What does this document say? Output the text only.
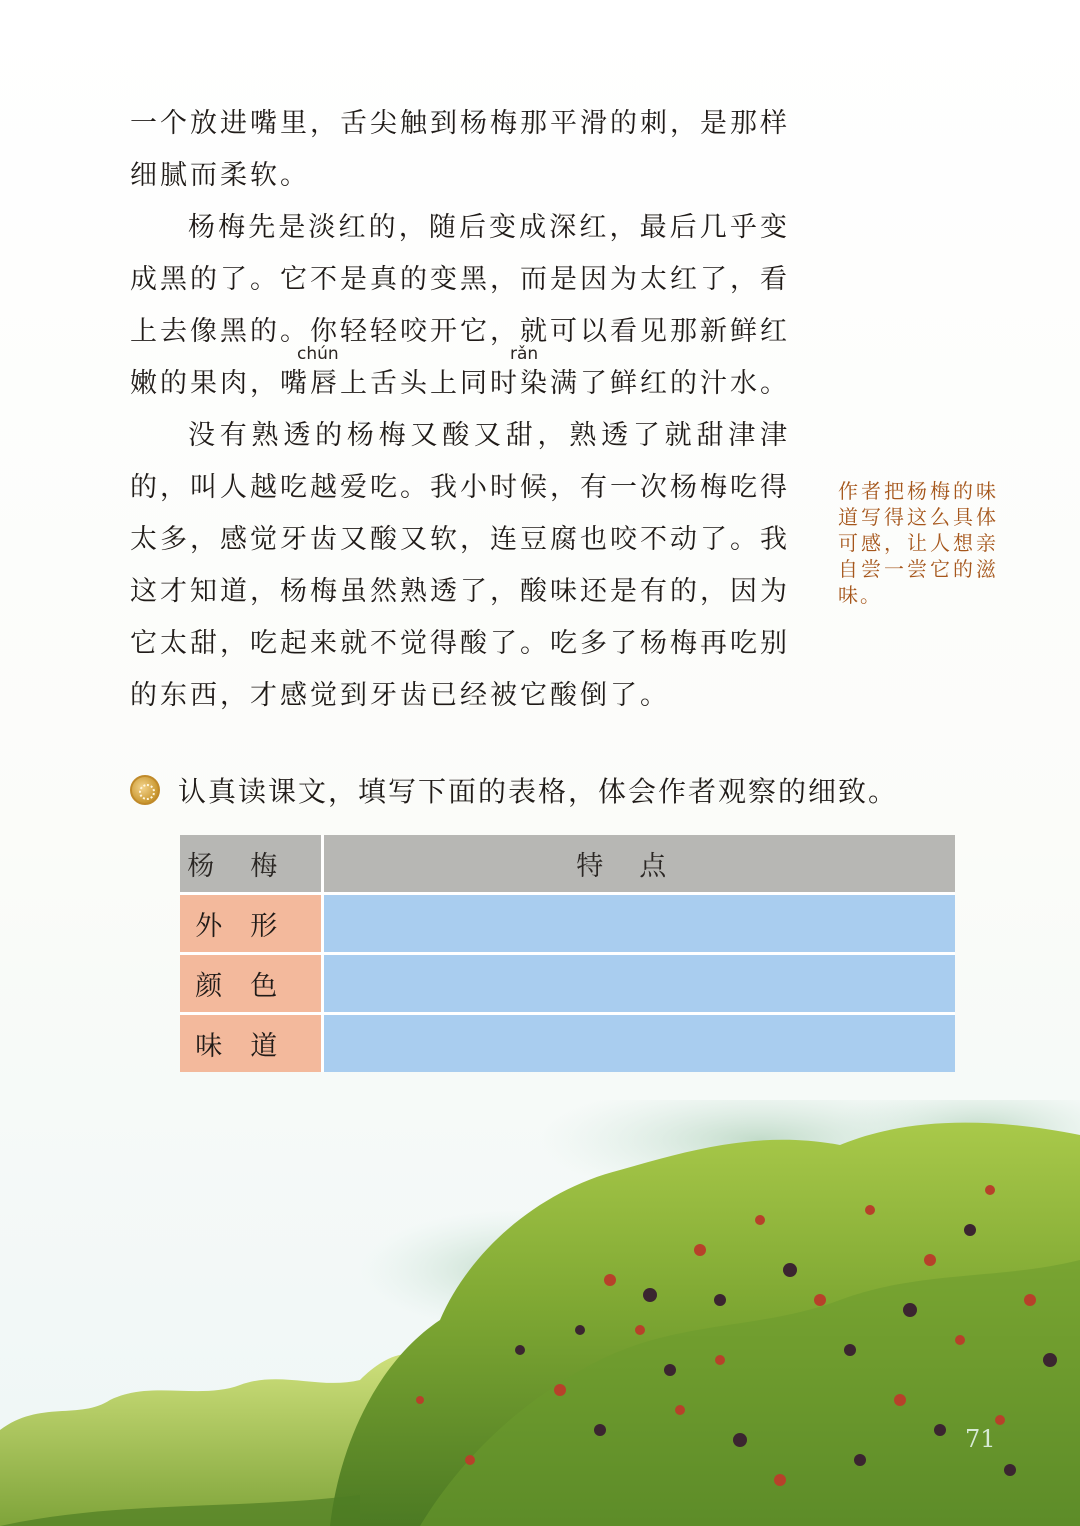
一个放进嘴里，舌尖触到杨梅那平滑的刺，是那样细腻而柔软。

杨梅先是淡红的，随后变成深红，最后几乎变成黑的了。它不是真的变黑，而是因为太红了，看上去像黑的。你轻轻咬开它，就可以看见那新鲜红嫩的果肉，嘴唇上舌头上同时染满了鲜红的汁水。

没有熟透的杨梅又酸又甜，熟透了就甜津津的，叫人越吃越爱吃。我小时候，有一次杨梅吃得太多，感觉牙齿又酸又软，连豆腐也咬不动了。我这才知道，杨梅虽然熟透了，酸味还是有的，因为它太甜，吃起来就不觉得酸了。吃多了杨梅再吃别的东西，才感觉到牙齿已经被它酸倒了。

chún	rǎn
作者把杨梅的味道写得这么具体可感，让人想亲自尝一尝它的滋味。
认真读课文，填写下面的表格，体会作者观察的细致。
杨梅	特点
外形	
颜色	
味道	
71
